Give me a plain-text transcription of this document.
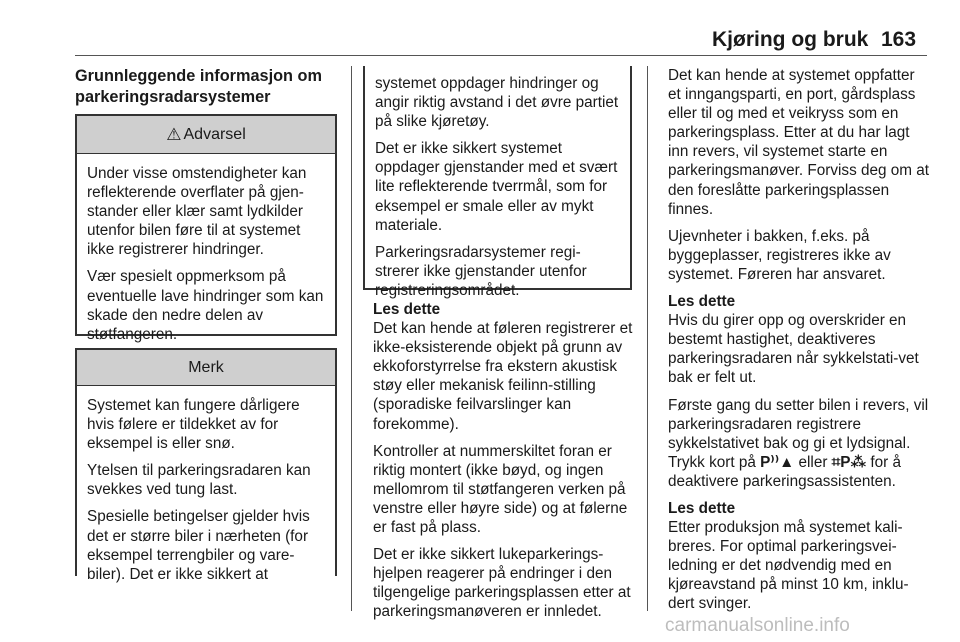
Kjøring og bruk 163
Grunnleggende informasjon om parkeringsradarsystemer
⚠ Advarsel

Under visse omstendigheter kan reflekterende overflater på gjen-stander eller klær samt lydkilder utenfor bilen føre til at systemet ikke registrerer hindringer.

Vær spesielt oppmerksom på eventuelle lave hindringer som kan skade den nedre delen av støtfangeren.

Merk

Systemet kan fungere dårligere hvis følere er tildekket av for eksempel is eller snø.

Ytelsen til parkeringsradaren kan svekkes ved tung last.

Spesielle betingelser gjelder hvis det er større biler i nærheten (for eksempel terrengbiler og vare-biler). Det er ikke sikkert at

systemet oppdager hindringer og angir riktig avstand i det øvre partiet på slike kjøretøy.

Det er ikke sikkert systemet oppdager gjenstander med et svært lite reflekterende tverrmål, som for eksempel er smale eller av mykt materiale.

Parkeringsradarsystemer regi-strerer ikke gjenstander utenfor registreringsområdet.

Les dette

Det kan hende at føleren registrerer et ikke-eksisterende objekt på grunn av ekkoforstyrrelse fra ekstern akustisk støy eller mekanisk feilinn-stilling (sporadiske feilvarslinger kan forekomme).

Kontroller at nummerskiltet foran er riktig montert (ikke bøyd, og ingen mellomrom til støtfangeren verken på venstre eller høyre side) og at følerne er fast på plass.

Det er ikke sikkert lukeparkerings-hjelpen reagerer på endringer i den tilgengelige parkeringsplassen etter at parkeringsmanøveren er innledet.

Det kan hende at systemet oppfatter et inngangsparti, en port, gårdsplass eller til og med et veikryss som en parkeringsplass. Etter at du har lagt inn revers, vil systemet starte en parkeringsmanøver. Forviss deg om at den foreslåtte parkeringsplassen finnes.

Ujevnheter i bakken, f.eks. på byggeplasser, registreres ikke av systemet. Føreren har ansvaret.

Les dette

Hvis du girer opp og overskrider en bestemt hastighet, deaktiveres parkeringsradaren når sykkelstati-vet bak er felt ut.

Første gang du setter bilen i revers, vil parkeringsradaren registrere sykkelstativet bak og gi et lydsignal. Trykk kort på P⁾⁾▲ eller ⌗P⁂ for å deaktivere parkeringsassistenten.

Les dette

Etter produksjon må systemet kali-breres. For optimal parkeringsvei-ledning er det nødvendig med en kjøreavstand på minst 10 km, inklu-dert svinger.

carmanualsonline.info
